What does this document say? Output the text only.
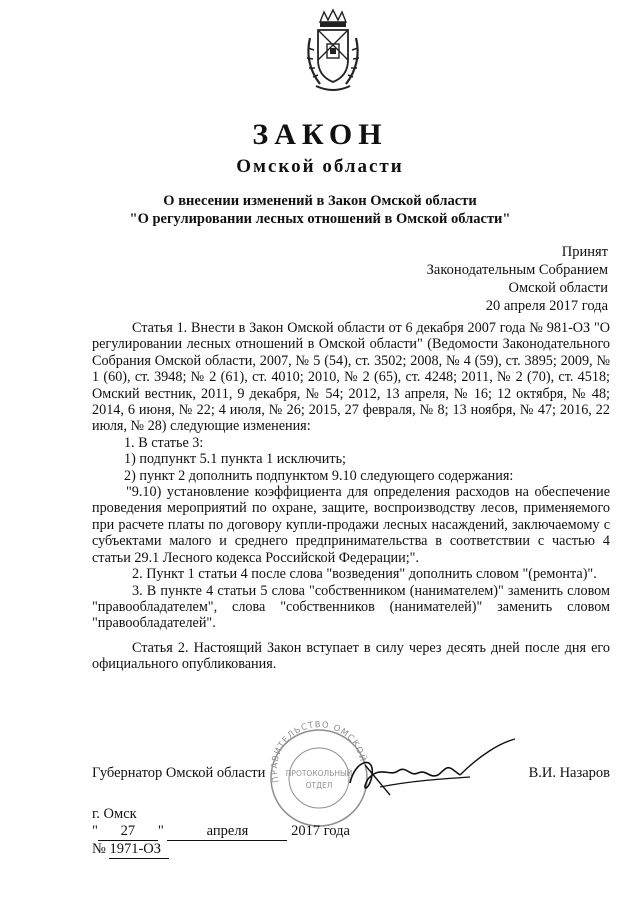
ЗАКОН
Омской области
О внесении изменений в Закон Омской области
"О регулировании лесных отношений в Омской области"
Принят
Законодательным Собранием
Омской области
20 апреля 2017 года

Статья 1. Внести в Закон Омской области от 6 декабря 2007 года № 981-ОЗ "О регулировании лесных отношений в Омской области" (Ведомости Законодательного Собрания Омской области, 2007, № 5 (54), ст. 3502; 2008, № 4 (59), ст. 3895; 2009, № 1 (60), ст. 3948; № 2 (61), ст. 4010; 2010, № 2 (65), ст. 4248; 2011, № 2 (70), ст. 4518; Омский вестник, 2011, 9 декабря, № 54; 2012, 13 апреля, № 16; 12 октября, № 48; 2014, 6 июня, № 22; 4 июля, № 26; 2015, 27 февраля, № 8; 13 ноября, № 47; 2016, 22 июля, № 28) следующие изменения:

1. В статье 3:

1) подпункт 5.1 пункта 1 исключить;

2) пункт 2 дополнить подпунктом 9.10 следующего содержания:

"9.10) установление коэффициента для определения расходов на обеспечение проведения мероприятий по охране, защите, воспроизводству лесов, применяемого при расчете платы по договору купли-продажи лесных насаждений, заключаемому с субъектами малого и среднего предпринимательства в соответствии с частью 4 статьи 29.1 Лесного кодекса Российской Федерации;".

2. Пункт 1 статьи 4 после слова "возведения" дополнить словом "(ремонта)".

3. В пункте 4 статьи 5 слова "собственником (нанимателем)" заменить словом "правообладателем", слова "собственников (нанимателей)" заменить словом "правообладателей".

Статья 2. Настоящий Закон вступает в силу через десять дней после дня его официального опубликования.

ПРАВИТЕЛЬСТВО ОМСКОЙ
ПРОТОКОЛЬНЫЙ
ОТДЕЛ
Губернатор Омской области	В.И. Назаров
г. Омск
" 27 "	апреля	2017 года
№ 1971-ОЗ
